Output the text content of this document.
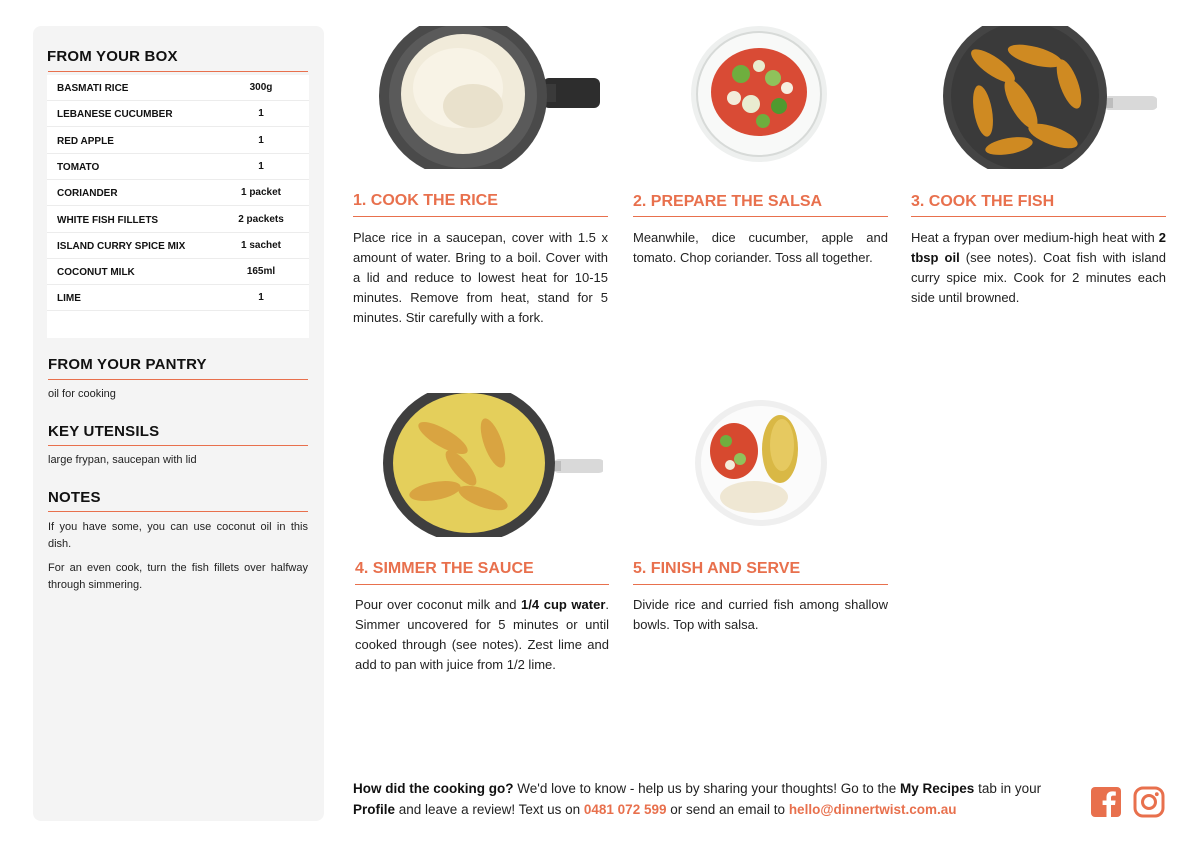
FROM YOUR BOX
BASMATI RICE	300g
LEBANESE CUCUMBER	1
RED APPLE	1
TOMATO	1
CORIANDER	1 packet
WHITE FISH FILLETS	2 packets
ISLAND CURRY SPICE MIX	1 sachet
COCONUT MILK	165ml
LIME	1
FROM YOUR PANTRY
oil for cooking
KEY UTENSILS
large frypan, saucepan with lid
NOTES
If you have some, you can use coconut oil in this dish.
For an even cook, turn the fish fillets over halfway through simmering.
1. COOK THE RICE
Place rice in a saucepan, cover with 1.5 x amount of water. Bring to a boil. Cover with a lid and reduce to lowest heat for 10-15 minutes. Remove from heat, stand for 5 minutes. Stir carefully with a fork.
2. PREPARE THE SALSA
Meanwhile, dice cucumber, apple and tomato. Chop coriander. Toss all together.
3. COOK THE FISH
Heat a frypan over medium-high heat with 2 tbsp oil (see notes). Coat fish with island curry spice mix. Cook for 2 minutes each side until browned.
4. SIMMER THE SAUCE
Pour over coconut milk and 1/4 cup water. Simmer uncovered for 5 minutes or until cooked through (see notes). Zest lime and add to pan with juice from 1/2 lime.
5. FINISH AND SERVE
Divide rice and curried fish among shallow bowls. Top with salsa.
How did the cooking go? We'd love to know - help us by sharing your thoughts! Go to the My Recipes tab in your Profile and leave a review! Text us on 0481 072 599 or send an email to hello@dinnertwist.com.au
